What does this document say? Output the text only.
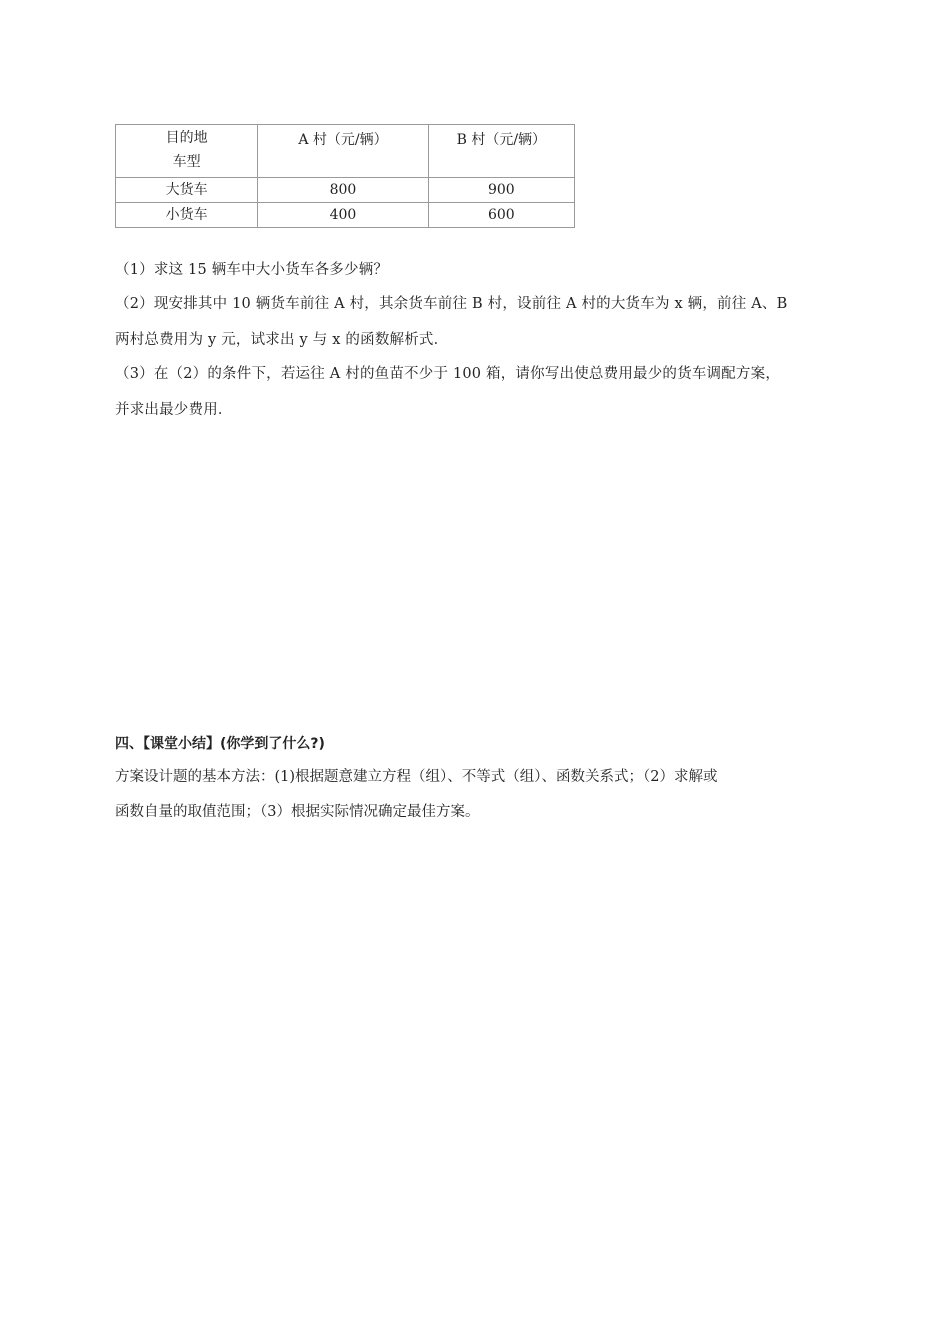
目的地
车型	A 村（元/辆）	B 村（元/辆）
大货车	800	900
小货车	400	600
（1）求这 15 辆车中大小货车各多少辆？
（2）现安排其中 10 辆货车前往 A 村，其余货车前往 B 村，设前往 A 村的大货车为 x 辆，前往 A、B
两村总费用为 y 元，试求出 y 与 x 的函数解析式．
（3）在（2）的条件下，若运往 A 村的鱼苗不少于 100 箱，请你写出使总费用最少的货车调配方案，
并求出最少费用．
四、【课堂小结】(你学到了什么?)
方案设计题的基本方法：(1)根据题意建立方程（组）、不等式（组）、函数关系式；（2）求解或
函数自量的取值范围；（3）根据实际情况确定最佳方案。
